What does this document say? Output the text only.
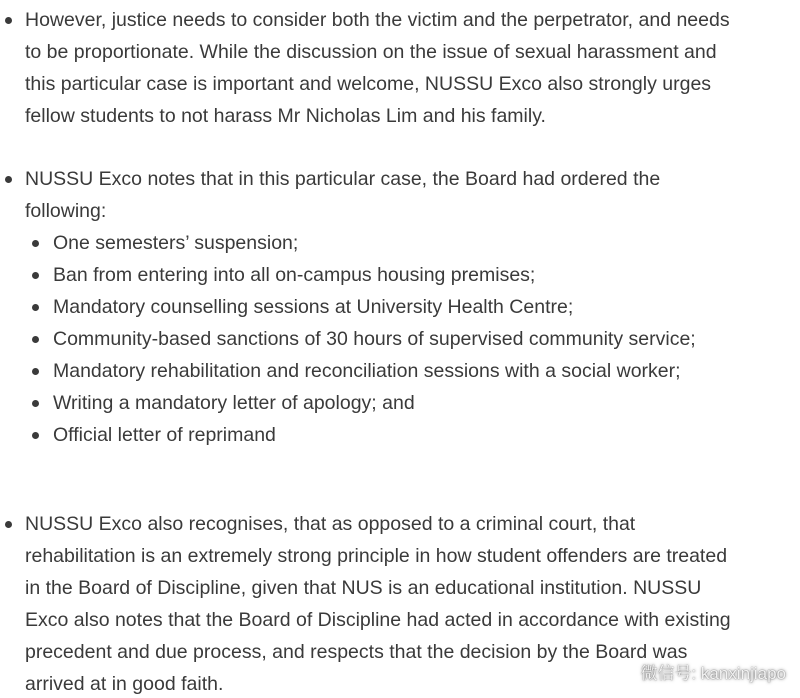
However, justice needs to consider both the victim and the perpetrator, and needs to be proportionate. While the discussion on the issue of sexual harassment and this particular case is important and welcome, NUSSU Exco also strongly urges fellow students to not harass Mr Nicholas Lim and his family.
NUSSU Exco notes that in this particular case, the Board had ordered the following:
One semesters’ suspension;
Ban from entering into all on-campus housing premises;
Mandatory counselling sessions at University Health Centre;
Community-based sanctions of 30 hours of supervised community service;
Mandatory rehabilitation and reconciliation sessions with a social worker;
Writing a mandatory letter of apology; and
Official letter of reprimand
NUSSU Exco also recognises, that as opposed to a criminal court, that rehabilitation is an extremely strong principle in how student offenders are treated in the Board of Discipline, given that NUS is an educational institution. NUSSU Exco also notes that the Board of Discipline had acted in accordance with existing precedent and due process, and respects that the decision by the Board was arrived at in good faith.	微信号: kanxinjiapo
